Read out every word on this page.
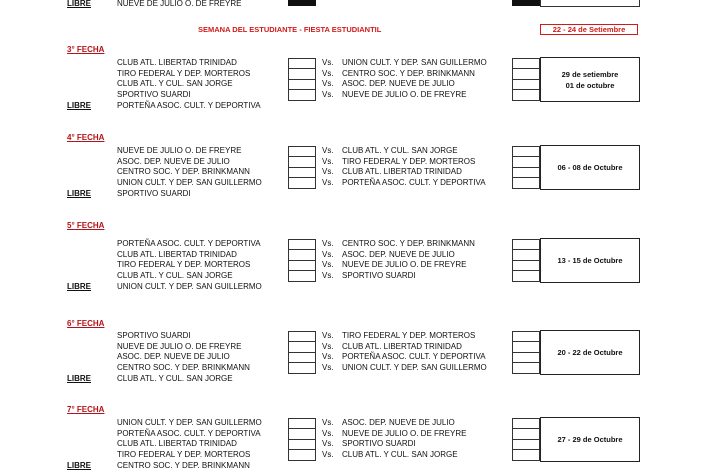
LIBRE	NUEVE DE JULIO O. DE FREYRE
SEMANA DEL ESTUDIANTE - FIESTA ESTUDIANTIL	22 - 24 de Setiembre
3° FECHA
CLUB ATL. LIBERTAD TRINIDAD	Vs. UNION CULT. Y DEP. SAN GUILLERMO
TIRO FEDERAL Y DEP. MORTEROS	Vs. CENTRO SOC. Y DEP. BRINKMANN
CLUB ATL. Y CUL. SAN JORGE	Vs. ASOC. DEP. NUEVE DE JULIO
SPORTIVO SUARDI	Vs. NUEVE DE JULIO O. DE FREYRE
29 de setiembre
01 de octubre
LIBRE	PORTEÑA ASOC. CULT. Y DEPORTIVA
4° FECHA
NUEVE DE JULIO O. DE FREYRE	Vs. CLUB ATL. Y CUL. SAN JORGE
ASOC. DEP. NUEVE DE JULIO	Vs. TIRO FEDERAL Y DEP. MORTEROS
CENTRO SOC. Y DEP. BRINKMANN	Vs. CLUB ATL. LIBERTAD TRINIDAD
UNION CULT. Y DEP. SAN GUILLERMO	Vs. PORTEÑA ASOC. CULT. Y DEPORTIVA
06 - 08 de Octubre
LIBRE	SPORTIVO SUARDI
5° FECHA
PORTEÑA ASOC. CULT. Y DEPORTIVA	Vs. CENTRO SOC. Y DEP. BRINKMANN
CLUB ATL. LIBERTAD TRINIDAD	Vs. ASOC. DEP. NUEVE DE JULIO
TIRO FEDERAL Y DEP. MORTEROS	Vs. NUEVE DE JULIO O. DE FREYRE
CLUB ATL. Y CUL. SAN JORGE	Vs. SPORTIVO SUARDI
13 - 15 de Octubre
LIBRE	UNION CULT. Y DEP. SAN GUILLERMO
6° FECHA
SPORTIVO SUARDI	Vs. TIRO FEDERAL Y DEP. MORTEROS
NUEVE DE JULIO O. DE FREYRE	Vs. CLUB ATL. LIBERTAD TRINIDAD
ASOC. DEP. NUEVE DE JULIO	Vs. PORTEÑA ASOC. CULT. Y DEPORTIVA
CENTRO SOC. Y DEP. BRINKMANN	Vs. UNION CULT. Y DEP. SAN GUILLERMO
20 - 22 de Octubre
LIBRE	CLUB ATL. Y CUL. SAN JORGE
7° FECHA
UNION CULT. Y DEP. SAN GUILLERMO	Vs. ASOC. DEP. NUEVE DE JULIO
PORTEÑA ASOC. CULT. Y DEPORTIVA	Vs. NUEVE DE JULIO O. DE FREYRE
CLUB ATL. LIBERTAD TRINIDAD	Vs. SPORTIVO SUARDI
TIRO FEDERAL Y DEP. MORTEROS	Vs. CLUB ATL. Y CUL. SAN JORGE
27 - 29 de Octubre
LIBRE	CENTRO SOC. Y DEP. BRINKMANN
